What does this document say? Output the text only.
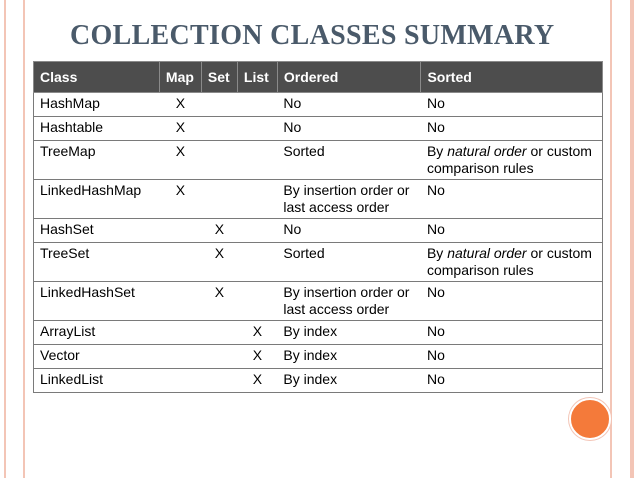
COLLECTION CLASSES SUMMARY
Class	Map	Set	List	Ordered	Sorted
HashMap	X			No	No
Hashtable	X			No	No
TreeMap	X			Sorted	By natural order or custom comparison rules
LinkedHashMap	X			By insertion order or last access order	No
HashSet		X		No	No
TreeSet		X		Sorted	By natural order or custom comparison rules
LinkedHashSet		X		By insertion order or last access order	No
ArrayList			X	By index	No
Vector			X	By index	No
LinkedList			X	By index	No
